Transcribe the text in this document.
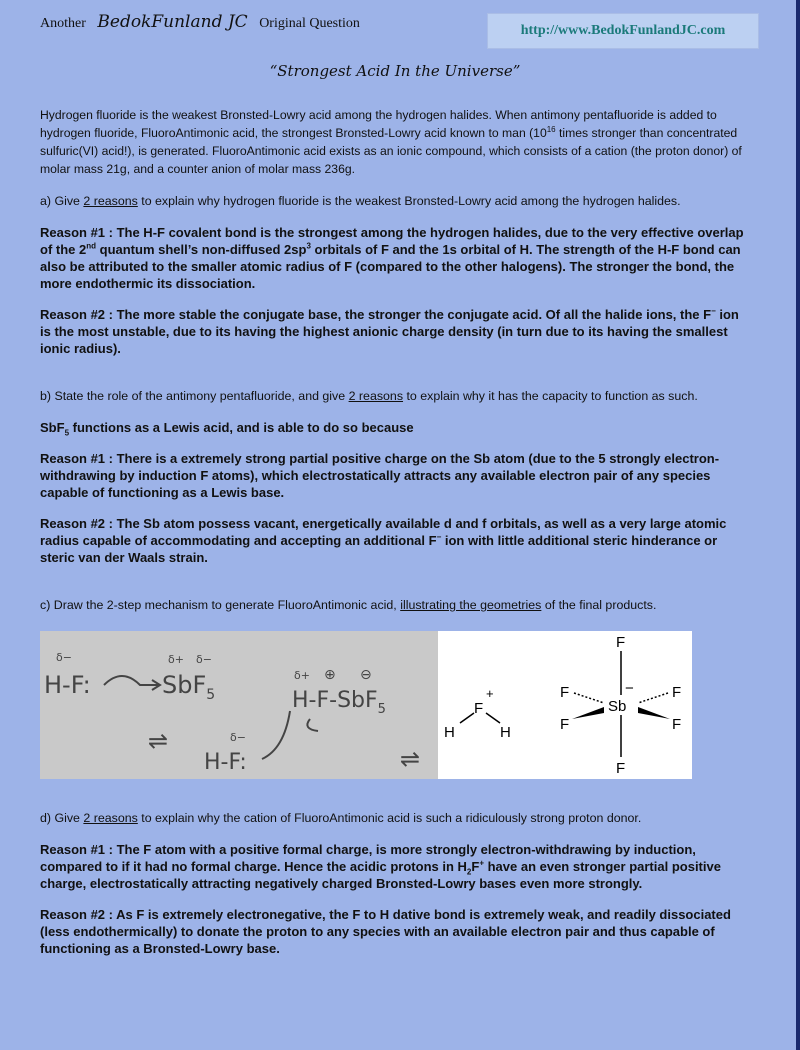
Another BedokFunland JC Original Question	http://www.BedokFunlandJC.com
“Strongest Acid In the Universe”

Hydrogen fluoride is the weakest Bronsted-Lowry acid among the hydrogen halides. When antimony pentafluoride is added to hydrogen fluoride, FluoroAntimonic acid, the strongest Bronsted-Lowry acid known to man ($10^{16}$ times stronger than concentrated sulfuric(VI) acid!), is generated. FluoroAntimonic acid exists as an ionic compound, which consists of a cation (the proton donor) of molar mass 21g, and a counter anion of molar mass 236g.

a) Give 2 reasons to explain why hydrogen fluoride is the weakest Bronsted-Lowry acid among the hydrogen halides.

Reason #1 : The H-F covalent bond is the strongest among the hydrogen halides, due to the very effective overlap of the 2nd quantum shell’s non-diffused $2sp^3$ orbitals of F and the 1s orbital of H. The strength of the H-F bond can also be attributed to the smaller atomic radius of F (compared to the other halogens). The stronger the bond, the more endothermic its dissociation.

Reason #2 : The more stable the conjugate base, the stronger the conjugate acid. Of all the halide ions, the F− ion is the most unstable, due to its having the highest anionic charge density (in turn due to its having the smallest ionic radius).

b) State the role of the antimony pentafluoride, and give 2 reasons to explain why it has the capacity to function as such.

SbF$_5$ functions as a Lewis acid, and is able to do so because

Reason #1 : There is a extremely strong partial positive charge on the Sb atom (due to the 5 strongly electron-withdrawing by induction F atoms), which electrostatically attracts any available electron pair of any species capable of functioning as a Lewis base.

Reason #2 : The Sb atom possess vacant, energetically available d and f orbitals, as well as a very large atomic radius capable of accommodating and accepting an additional F− ion with little additional steric hinderance or steric van der Waals strain.

c) Draw the 2-step mechanism to generate FluoroAntimonic acid, illustrating the geometries of the final products.

δ−
H-F:
δ+ δ−
SbF$_5$
δ+ ⊕ ⊖
H-F-SbF$_5$
⇌	δ−
H-F:	⇌
F
+
H	H
Sb
−
F
F
F	F
F	F

d) Give 2 reasons to explain why the cation of FluoroAntimonic acid is such a ridiculously strong proton donor.

Reason #1 : The F atom with a positive formal charge, is more strongly electron-withdrawing by induction, compared to if it had no formal charge. Hence the acidic protons in $H_2F^+$ have an even stronger partial positive charge, electrostatically attracting negatively charged Bronsted-Lowry bases even more strongly.

Reason #2 : As F is extremely electronegative, the F to H dative bond is extremely weak, and readily dissociated (less endothermically) to donate the proton to any species with an available electron pair and thus capable of functioning as a Bronsted-Lowry base.
